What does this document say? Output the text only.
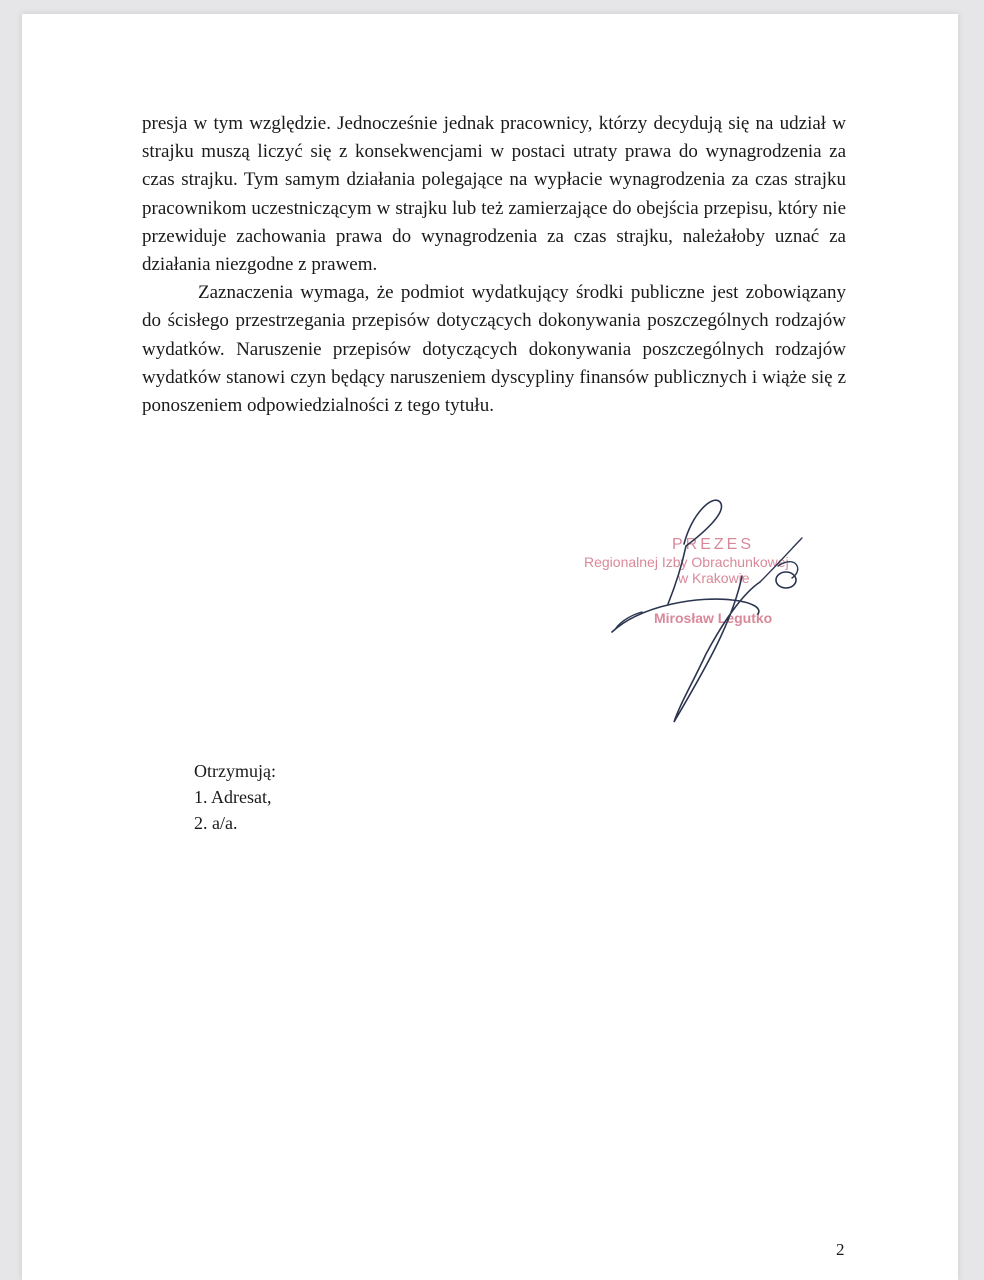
presja w tym względzie. Jednocześnie jednak pracownicy, którzy decydują się na udział w strajku muszą liczyć się z konsekwencjami w postaci utraty prawa do wynagrodzenia za czas strajku. Tym samym działania polegające na wypłacie wynagrodzenia za czas strajku pracownikom uczestniczącym w strajku lub też zamierzające do obejścia przepisu, który nie przewiduje zachowania prawa do wynagrodzenia za czas strajku, należałoby uznać za działania niezgodne z prawem.

Zaznaczenia wymaga, że podmiot wydatkujący środki publiczne jest zobowiązany do ścisłego przestrzegania przepisów dotyczących dokonywania poszczególnych rodzajów wydatków. Naruszenie przepisów dotyczących dokonywania poszczególnych rodzajów wydatków stanowi czyn będący naruszeniem dyscypliny finansów publicznych i wiąże się z ponoszeniem odpowiedzialności z tego tytułu.

PREZES
Regionalnej Izby Obrachunkowej
w Krakowie
Mirosław Legutko
Otrzymują:
1. Adresat,
2. a/a.
2
